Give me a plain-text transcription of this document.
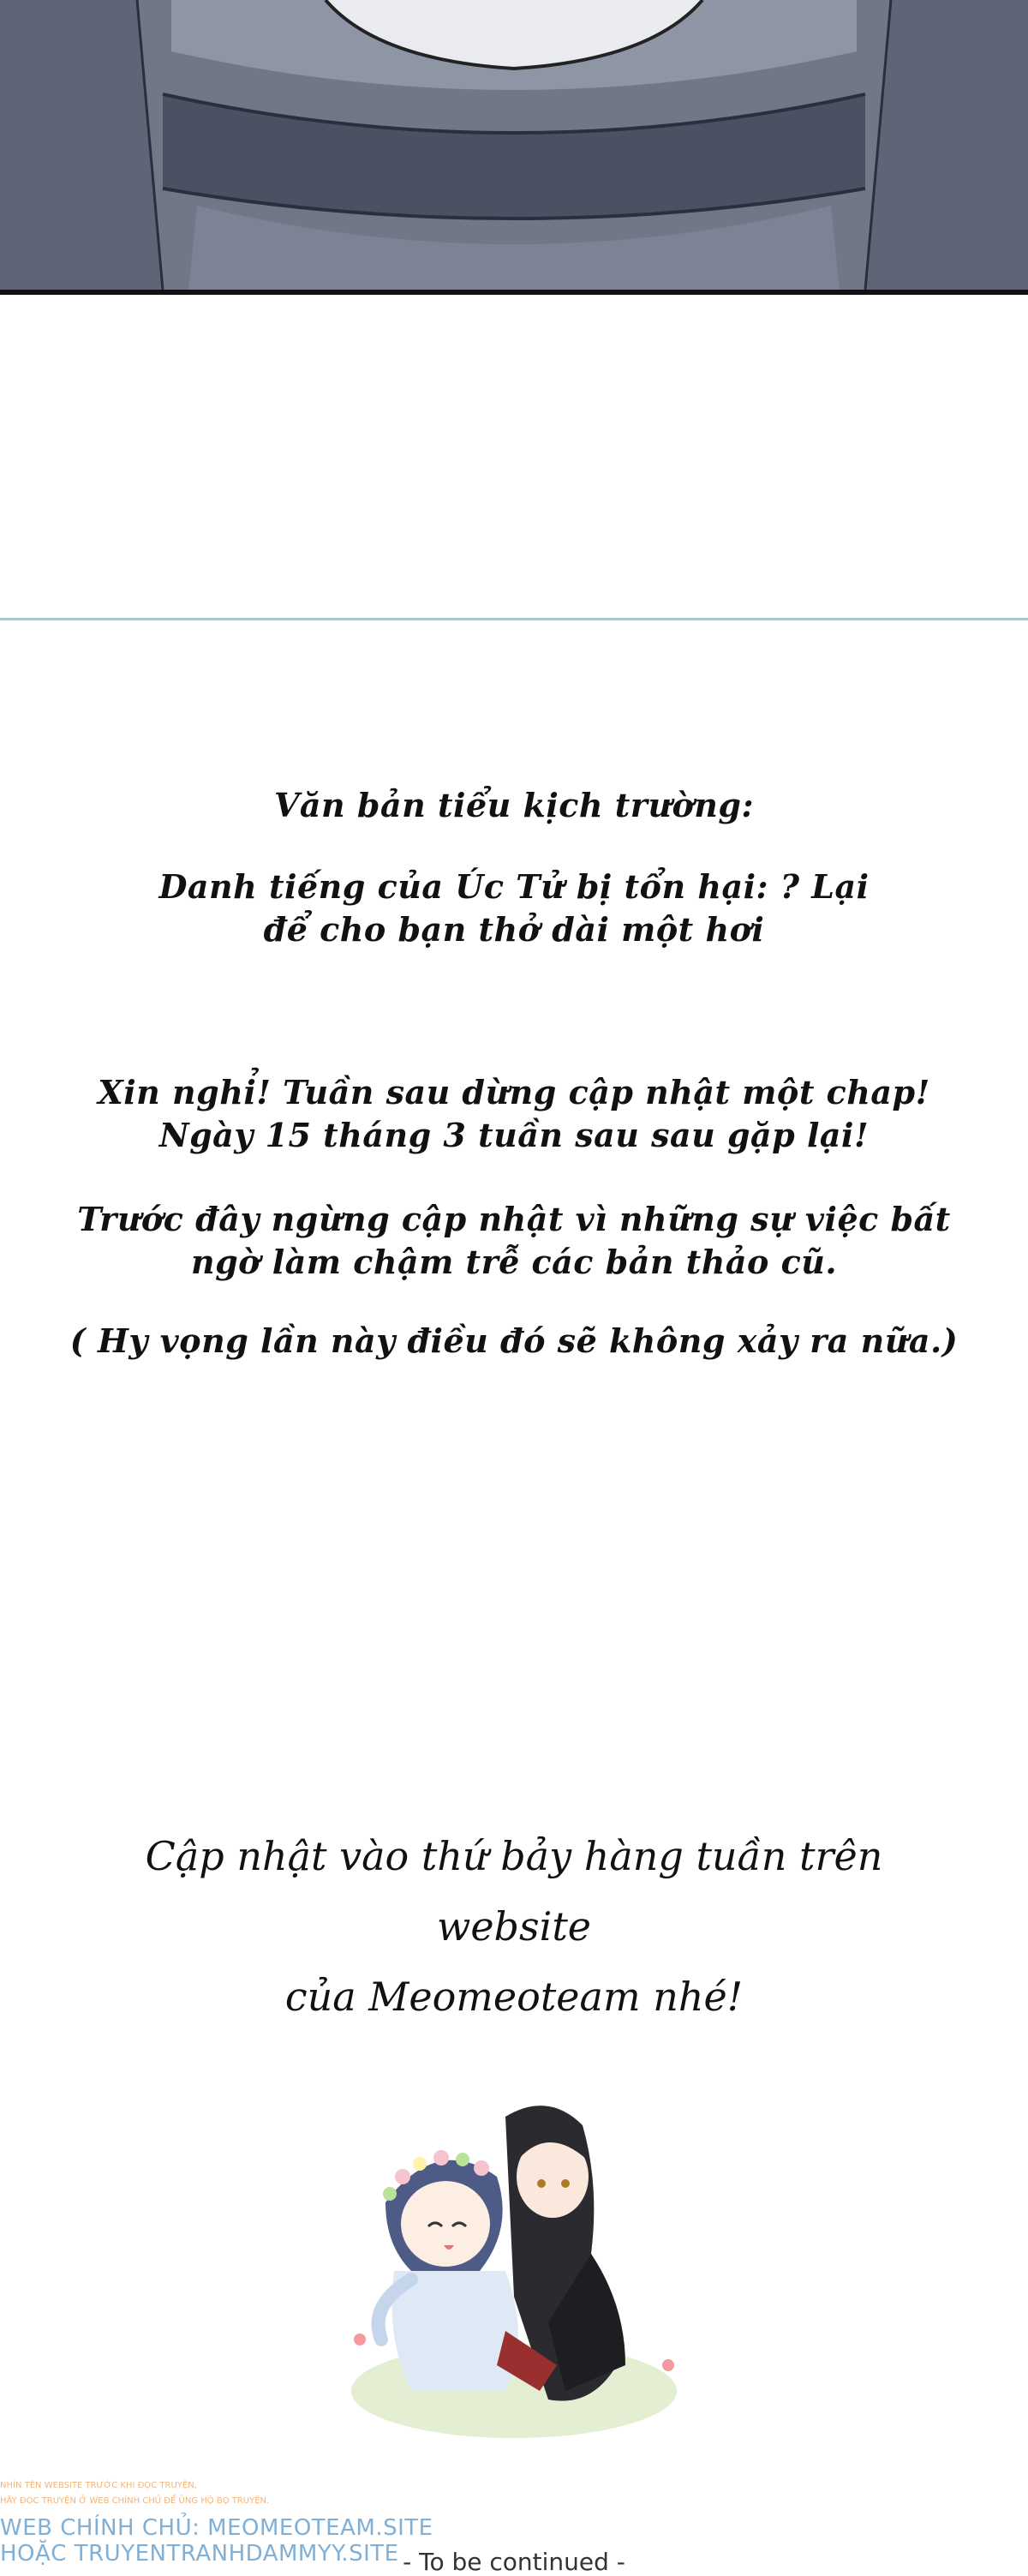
Văn bản tiểu kịch trường:
Danh tiếng của Úc Tử bị tổn hại: ? Lại
để cho bạn thở dài một hơi
Xin nghỉ! Tuần sau dừng cập nhật một chap!
Ngày 15 tháng 3 tuần sau sau gặp lại!
Trước đây ngừng cập nhật vì những sự việc bất
ngờ làm chậm trễ các bản thảo cũ.
( Hy vọng lần này điều đó sẽ không xảy ra nữa.)
Cập nhật vào thứ bảy hàng tuần trên website
của Meomeoteam nhé!
NHÌN TÊN WEBSITE TRƯỚC KHI ĐỌC TRUYỆN,
HÃY ĐỌC TRUYỆN Ở WEB CHÍNH CHỦ ĐỂ ỦNG HỘ BỌ TRUYỆN.
WEB CHÍNH CHỦ: MEOMEOTEAM.SITE
HOẶC TRUYENTRANHDAMMYY.SITE - To be continued -
